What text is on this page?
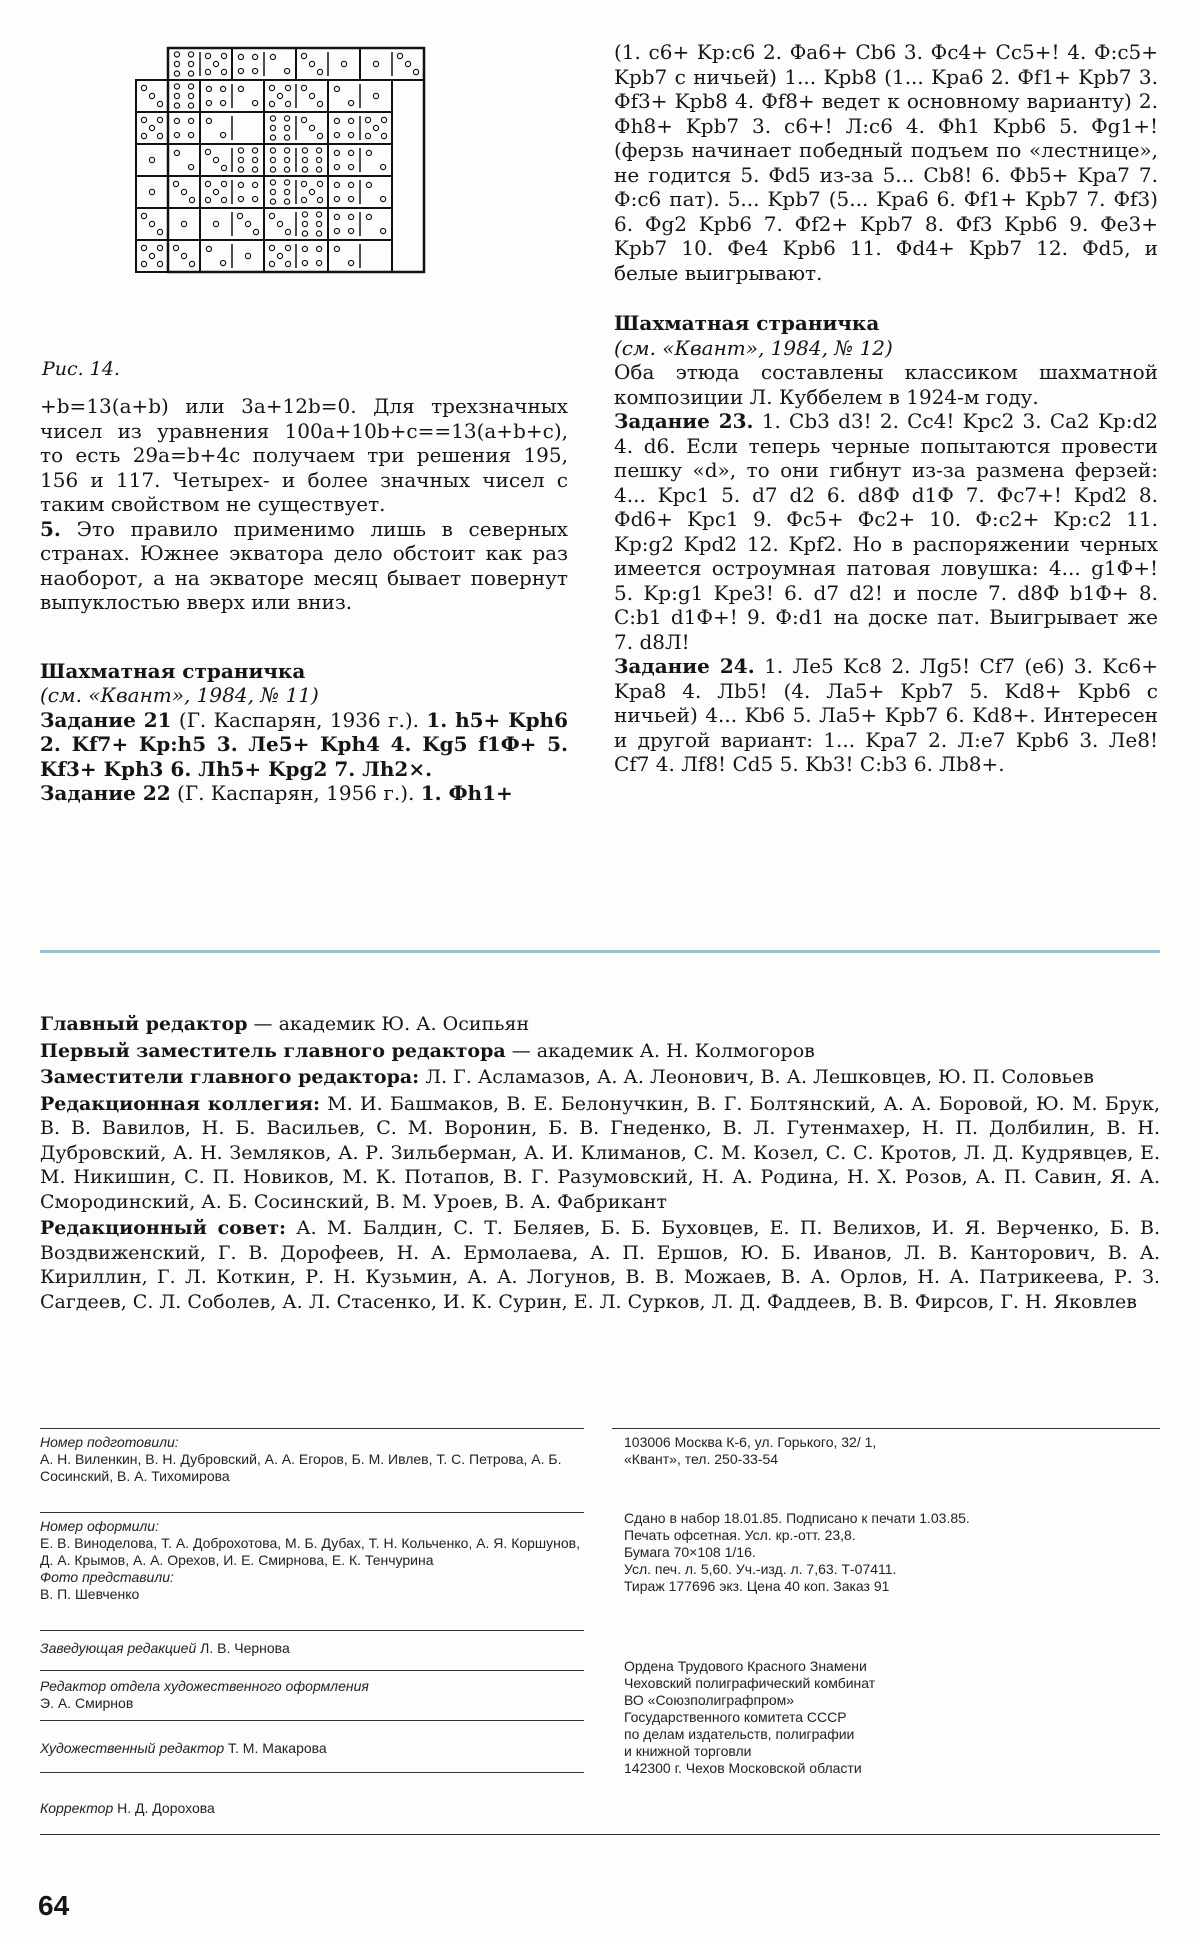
Рис. 14.

+b=13(a+b) или 3a+12b=0. Для трехзначных чисел из уравнения 100a+10b+c==13(a+b+c), то есть 29a=b+4c получаем три решения 195, 156 и 117. Четырех- и более значных чисел с таким свойством не существует.

5. Это правило применимо лишь в северных странах. Южнее экватора дело обстоит как раз наоборот, а на экваторе месяц бывает повернут выпуклостью вверх или вниз.

Шахматная страничка
(см. «Квант», 1984, № 11)

Задание 21 (Г. Каспарян, 1936 г.). 1. h5+ Kph6 2. Kf7+ Kp:h5 3. Ле5+ Kph4 4. Kg5 f1Ф+ 5. Kf3+ Kph3 6. Лh5+ Kpg2 7. Лh2×.

Задание 22 (Г. Каспарян, 1956 г.). 1. Фh1+

(1. c6+ Kp:c6 2. Фa6+ Cb6 3. Фc4+ Cc5+! 4. Ф:c5+ Kpb7 с ничьей) 1... Kpb8 (1... Kpa6 2. Фf1+ Kpb7 3. Фf3+ Kpb8 4. Фf8+ ведет к основному варианту) 2. Фh8+ Kpb7 3. c6+! Л:c6 4. Фh1 Kpb6 5. Фg1+! (ферзь начинает победный подъем по «лестнице», не годится 5. Фd5 из-за 5... Cb8! 6. Фb5+ Kpa7 7. Ф:c6 пат). 5... Kpb7 (5... Kpa6 6. Фf1+ Kpb7 7. Фf3) 6. Фg2 Kpb6 7. Фf2+ Kpb7 8. Фf3 Kpb6 9. Фe3+ Kpb7 10. Фe4 Kpb6 11. Фd4+ Kpb7 12. Фd5, и белые выигрывают.

Шахматная страничка
(см. «Квант», 1984, № 12)

Оба этюда составлены классиком шахматной композиции Л. Куббелем в 1924-м году.

Задание 23. 1. Cb3 d3! 2. Cc4! Kpc2 3. Ca2 Kp:d2 4. d6. Если теперь черные попытаются провести пешку «d», то они гибнут из-за размена ферзей: 4... Kpc1 5. d7 d2 6. d8Ф d1Ф 7. Фc7+! Kpd2 8. Фd6+ Kpc1 9. Фc5+ Фc2+ 10. Ф:c2+ Kp:c2 11. Kp:g2 Kpd2 12. Kpf2. Но в распоряжении черных имеется остроумная патовая ловушка: 4... g1Ф+! 5. Kp:g1 Kpe3! 6. d7 d2! и после 7. d8Ф b1Ф+ 8. C:b1 d1Ф+! 9. Ф:d1 на доске пат. Выигрывает же 7. d8Л!

Задание 24. 1. Ле5 Kc8 2. Лg5! Cf7 (e6) 3. Kc6+ Kpa8 4. Лb5! (4. Лa5+ Kpb7 5. Kd8+ Kpb6 с ничьей) 4... Kb6 5. Лa5+ Kpb7 6. Kd8+. Интересен и другой вариант: 1... Kpa7 2. Л:e7 Kpb6 3. Ле8! Cf7 4. Лf8! Cd5 5. Kb3! C:b3 6. Лb8+.

Главный редактор — академик Ю. А. Осипьян

Первый заместитель главного редактора — академик А. Н. Колмогоров

Заместители главного редактора: Л. Г. Асламазов, А. А. Леонович, В. А. Лешковцев, Ю. П. Соловьев

Редакционная коллегия: М. И. Башмаков, В. Е. Белонучкин, В. Г. Болтянский, А. А. Боровой, Ю. М. Брук, В. В. Вавилов, Н. Б. Васильев, С. М. Воронин, Б. В. Гнеденко, В. Л. Гутенмахер, Н. П. Долбилин, В. Н. Дубровский, А. Н. Земляков, А. Р. Зильберман, А. И. Климанов, С. М. Козел, С. С. Кротов, Л. Д. Кудрявцев, Е. М. Никишин, С. П. Новиков, М. К. Потапов, В. Г. Разумовский, Н. А. Родина, Н. Х. Розов, А. П. Савин, Я. А. Смородинский, А. Б. Сосинский, В. М. Уроев, В. А. Фабрикант

Редакционный совет: А. М. Балдин, С. Т. Беляев, Б. Б. Буховцев, Е. П. Велихов, И. Я. Верченко, Б. В. Воздвиженский, Г. В. Дорофеев, Н. А. Ермолаева, А. П. Ершов, Ю. Б. Иванов, Л. В. Канторович, В. А. Кириллин, Г. Л. Коткин, Р. Н. Кузьмин, А. А. Логунов, В. В. Можаев, В. А. Орлов, Н. А. Патрикеева, Р. З. Сагдеев, С. Л. Соболев, А. Л. Стасенко, И. К. Сурин, Е. Л. Сурков, Л. Д. Фаддеев, В. В. Фирсов, Г. Н. Яковлев

Номер подготовили:
А. Н. Виленкин, В. Н. Дубровский, А. А. Егоров, Б. М. Ивлев, Т. С. Петрова, А. Б. Сосинский, В. А. Тихомирова
Номер оформили:
Е. В. Виноделова, Т. А. Доброхотова, М. Б. Дубах, Т. Н. Кольченко, А. Я. Коршунов, Д. А. Крымов, А. А. Орехов, И. Е. Смирнова, Е. К. Тенчурина
Фото представили:
В. П. Шевченко
Заведующая редакцией Л. В. Чернова
Редактор отдела художественного оформления
Э. А. Смирнов
Художественный редактор Т. М. Макарова
Корректор Н. Д. Дорохова
103006 Москва К-6, ул. Горького, 32/ 1,
«Квант», тел. 250-33-54
Сдано в набор 18.01.85. Подписано к печати 1.03.85.
Печать офсетная. Усл. кр.-отт. 23,8.
Бумага 70×108 1/16.
Усл. печ. л. 5,60. Уч.-изд. л. 7,63. Т-07411.
Тираж 177696 экз. Цена 40 коп. Заказ 91
Ордена Трудового Красного Знамени
Чеховский полиграфический комбинат
ВО «Союзполиграфпром»
Государственного комитета СССР
по делам издательств, полиграфии
и книжной торговли
142300 г. Чехов Московской области
64
